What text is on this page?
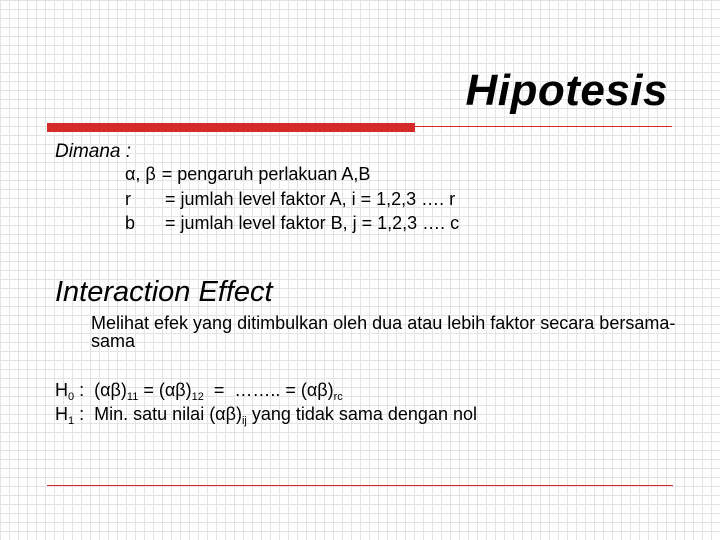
Hipotesis
Dimana :
α, β = pengaruh perlakuan A,B
r = jumlah level faktor A, i = 1,2,3 …. r
b = jumlah level faktor B, j = 1,2,3 …. c
Interaction Effect

Melihat efek yang ditimbulkan oleh dua atau lebih faktor secara bersama-sama

$H_0$ :  $(\alpha\beta)_{11} = (\alpha\beta)_{12}$  =  …….. = $(\alpha\beta)_{rc}$
$H_1$ :  Min. satu nilai $(\alpha\beta)_{ij}$ yang tidak sama dengan nol
